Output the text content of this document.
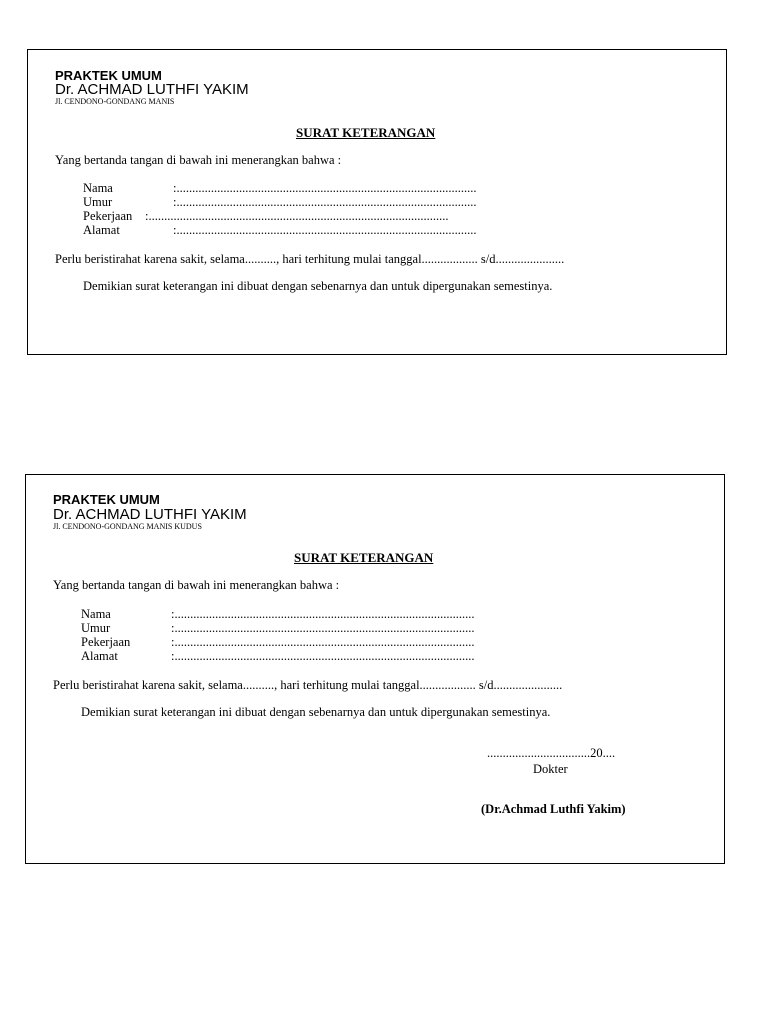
PRAKTEK UMUM
Dr. ACHMAD LUTHFI YAKIM
Jl. CENDONO-GONDANG MANIS
SURAT KETERANGAN
Yang bertanda tangan di bawah ini menerangkan bahwa :
Nama	:................................................................................................
Umur	:................................................................................................
Pekerjaan :................................................................................................
Alamat	:................................................................................................
Perlu beristirahat karena sakit, selama.........., hari terhitung mulai tanggal.................. s/d......................
Demikian surat keterangan ini dibuat dengan sebenarnya dan untuk dipergunakan semestinya.
PRAKTEK UMUM
Dr. ACHMAD LUTHFI YAKIM
Jl. CENDONO-GONDANG MANIS KUDUS
SURAT KETERANGAN
Yang bertanda tangan di bawah ini menerangkan bahwa :
Nama	:................................................................................................
Umur	:................................................................................................
Pekerjaan	:................................................................................................
Alamat	:................................................................................................
Perlu beristirahat karena sakit, selama.........., hari terhitung mulai tanggal.................. s/d......................
Demikian surat keterangan ini dibuat dengan sebenarnya dan untuk dipergunakan semestinya.
.................................20....
Dokter
(Dr.Achmad Luthfi Yakim)
